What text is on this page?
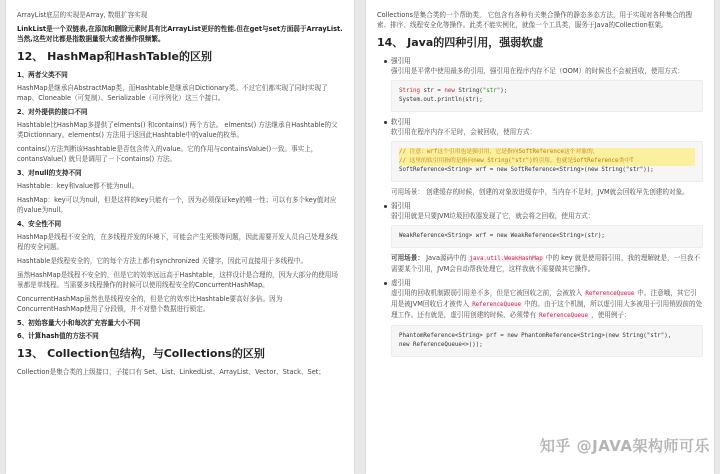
ArrayList底层的实现是Array, 数组扩容实现

LinkList是一个双链表,在添加和删除元素时具有比ArrayList更好的性能.但在get与set方面弱于ArrayList.当然,这些对比都是指数据量很大或者操作很频繁。

12、 HashMap和HashTable的区别
1、两者父类不同

HashMap是继承自AbstractMap类，而Hashtable是继承自Dictionary类。不过它们都实现了同时实现了map、Cloneable（可复制）、Serializable（可序列化）这三个接口。

2、对外提供的接口不同

Hashtable比HashMap多提供了elments() 和contains() 两个方法。 elments() 方法继承自Hashtable的父类Dictionnary。elements() 方法用于返回此Hashtable中的value的枚举。

contains()方法判断该Hashtable是否包含传入的value。它的作用与containsValue()一致。事实上，contansValue() 就只是调用了一下contains() 方法。

3、对null的支持不同

Hashtable：key和value都不能为null。

HashMap：key可以为null，但是这样的key只能有一个，因为必须保证key的唯一性；可以有多个key值对应的value为null。

4、安全性不同

HashMap是线程不安全的，在多线程并发的环境下，可能会产生死锁等问题，因此需要开发人员自己处理多线程的安全问题。

Hashtable是线程安全的，它的每个方法上都有synchronized 关键字，因此可直接用于多线程中。

虽然HashMap是线程不安全的，但是它的效率远远高于Hashtable，这样设计是合理的，因为大部分的使用场景都是单线程。当需要多线程操作的时候可以使用线程安全的ConcurrentHashMap。

ConcurrentHashMap虽然也是线程安全的，但是它的效率比Hashtable要高好多倍。因为ConcurrentHashMap使用了分段锁，并不对整个数据进行锁定。

5、初始容量大小和每次扩充容量大小不同
6、计算hash值的方法不同
13、 Collection包结构，与Collections的区别

Collection是集合类的上级接口，子接口有 Set、List、LinkedList、ArrayList、Vector、Stack、Set；

Collections是集合类的一个帮助类， 它包含有各种有关集合操作的静态多态方法，用于实现对各种集合的搜索、排序、线程安全化等操作。此类不能实例化，就像一个工具类，服务于Java的Collection框架。

14、 Java的四种引用，强弱软虚
强引用

强引用是平常中使用最多的引用，强引用在程序内存不足（OOM）的时候也不会被回收，使用方式：

String str = new String("str");
System.out.println(str);
软引用

软引用在程序内存不足时，会被回收，使用方式：

// 注意：wrf这个引用也是强引用，它是指向SoftReference这个对象的，
// 这里的软引用指的是指向new String("str")的引用，也就是SoftReference类中T
SoftReference<String> wrf = new SoftReference<String>(new String("str"));

可用场景： 创建缓存的时候，创建的对象放进缓存中，当内存不足时，JVM就会回收早先创建的对象。

弱引用

弱引用就是只要JVM垃圾回收器发现了它，就会将之回收，使用方式：

WeakReference<String> wrf = new WeakReference<String>(str);

可用场景： Java源码中的 java.util.WeakHashMap 中的 key 就是使用弱引用，我的理解就是，一旦我不需要某个引用，JVM会自动帮我处理它，这样我就不需要做其它操作。

虚引用

虚引用的回收机制跟弱引用差不多，但是它被回收之前，会被放入 ReferenceQueue 中。注意哦，其它引用是被JVM回收后才被传入 ReferenceQueue 中的。由于这个机制，所以虚引用大多被用于引用销毁前的处理工作。还有就是，虚引用创建的时候，必须带有 ReferenceQueue ，使用例子：

PhantomReference<String> prf = new PhantomReference<String>(new String("str"),
new ReferenceQueue<>());
知乎 @JAVA架构师可乐
